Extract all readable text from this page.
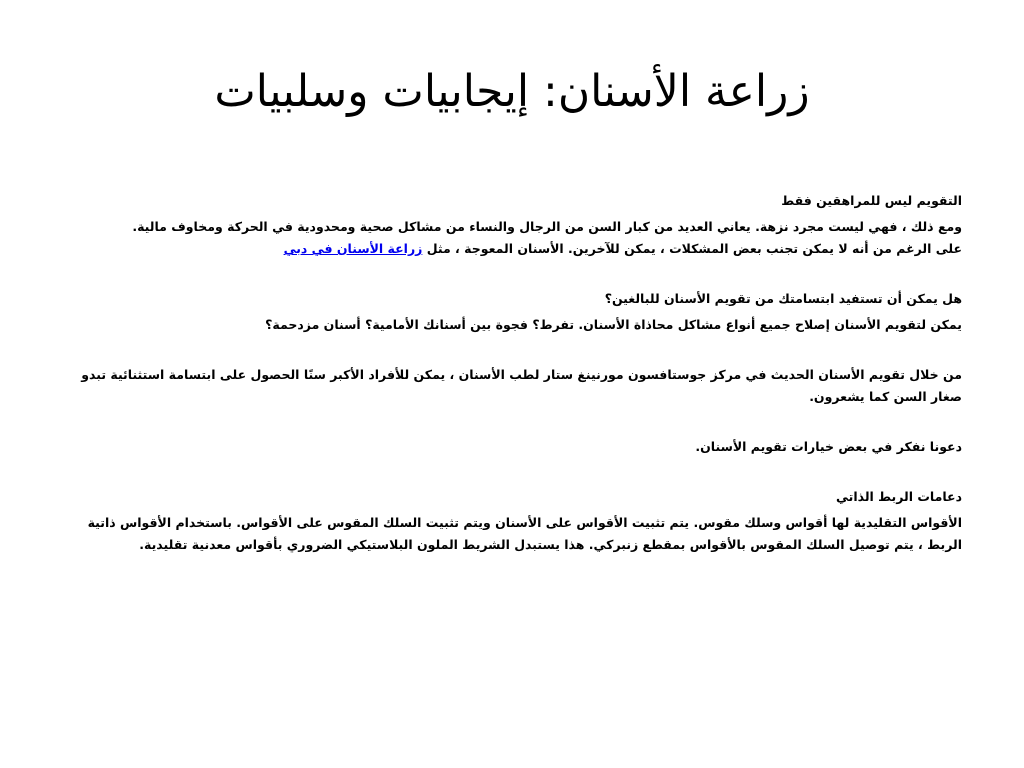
زراعة الأسنان: إيجابيات وسلبيات

التقويم ليس للمراهقين فقط

ومع ذلك ، فهي ليست مجرد نزهة. يعاني العديد من كبار السن من الرجال والنساء من مشاكل صحية ومحدودية في الحركة ومخاوف مالية.
على الرغم من أنه لا يمكن تجنب بعض المشكلات ، يمكن للآخرين. الأسنان المعوجة ، مثل زراعة الأسنان في دبي

هل يمكن أن تستفيد ابتسامتك من تقويم الأسنان للبالغين؟

يمكن لتقويم الأسنان إصلاح جميع أنواع مشاكل محاذاة الأسنان. تفرط؟ فجوة بين أسنانك الأمامية؟ أسنان مزدحمة؟

من خلال تقويم الأسنان الحديث في مركز جوستافسون مورنينغ ستار لطب الأسنان ، يمكن للأفراد الأكبر سنًا الحصول على ابتسامة استثنائية تبدو صغار السن كما يشعرون.

دعونا نفكر في بعض خيارات تقويم الأسنان.

دعامات الربط الذاتي

الأقواس التقليدية لها أقواس وسلك مقوس. يتم تثبيت الأقواس على الأسنان ويتم تثبيت السلك المقوس على الأقواس. باستخدام الأقواس ذاتية الربط ، يتم توصيل السلك المقوس بالأقواس بمقطع زنبركي. هذا يستبدل الشريط الملون البلاستيكي الضروري بأقواس معدنية تقليدية.
